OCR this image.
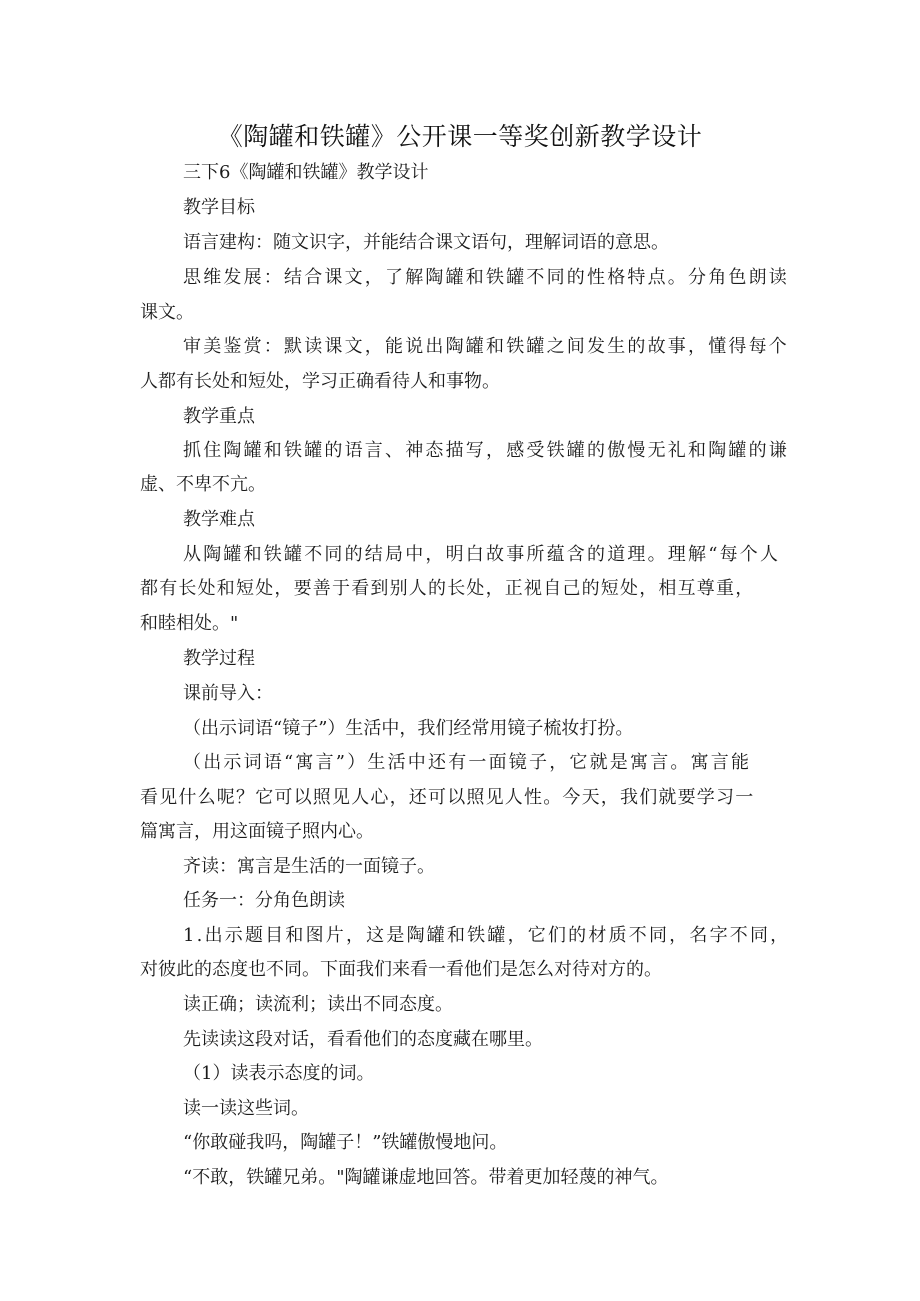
《陶罐和铁罐》公开课一等奖创新教学设计
三下6《陶罐和铁罐》教学设计
教学目标
语言建构：随文识字，并能结合课文语句，理解词语的意思。
思维发展：结合课文，了解陶罐和铁罐不同的性格特点。分角色朗读
课文。
审美鉴赏：默读课文，能说出陶罐和铁罐之间发生的故事，懂得每个
人都有长处和短处，学习正确看待人和事物。
教学重点
抓住陶罐和铁罐的语言、神态描写，感受铁罐的傲慢无礼和陶罐的谦
虚、不卑不亢。
教学难点
从陶罐和铁罐不同的结局中，明白故事所蕴含的道理。理解“每个人
都有长处和短处，要善于看到别人的长处，正视自己的短处，相互尊重，
和睦相处。"
教学过程
课前导入：
（出示词语“镜子”）生活中，我们经常用镜子梳妆打扮。
（出示词语“寓言”）生活中还有一面镜子，它就是寓言。寓言能
看见什么呢？它可以照见人心，还可以照见人性。今天，我们就要学习一
篇寓言，用这面镜子照内心。
齐读：寓言是生活的一面镜子。
任务一：分角色朗读
1.出示题目和图片，这是陶罐和铁罐，它们的材质不同，名字不同，
对彼此的态度也不同。下面我们来看一看他们是怎么对待对方的。
读正确；读流利；读出不同态度。
先读读这段对话，看看他们的态度藏在哪里。
（1）读表示态度的词。
读一读这些词。
“你敢碰我吗，陶罐子！”铁罐傲慢地问。
“不敢，铁罐兄弟。"陶罐谦虚地回答。带着更加轻蔑的神气。
